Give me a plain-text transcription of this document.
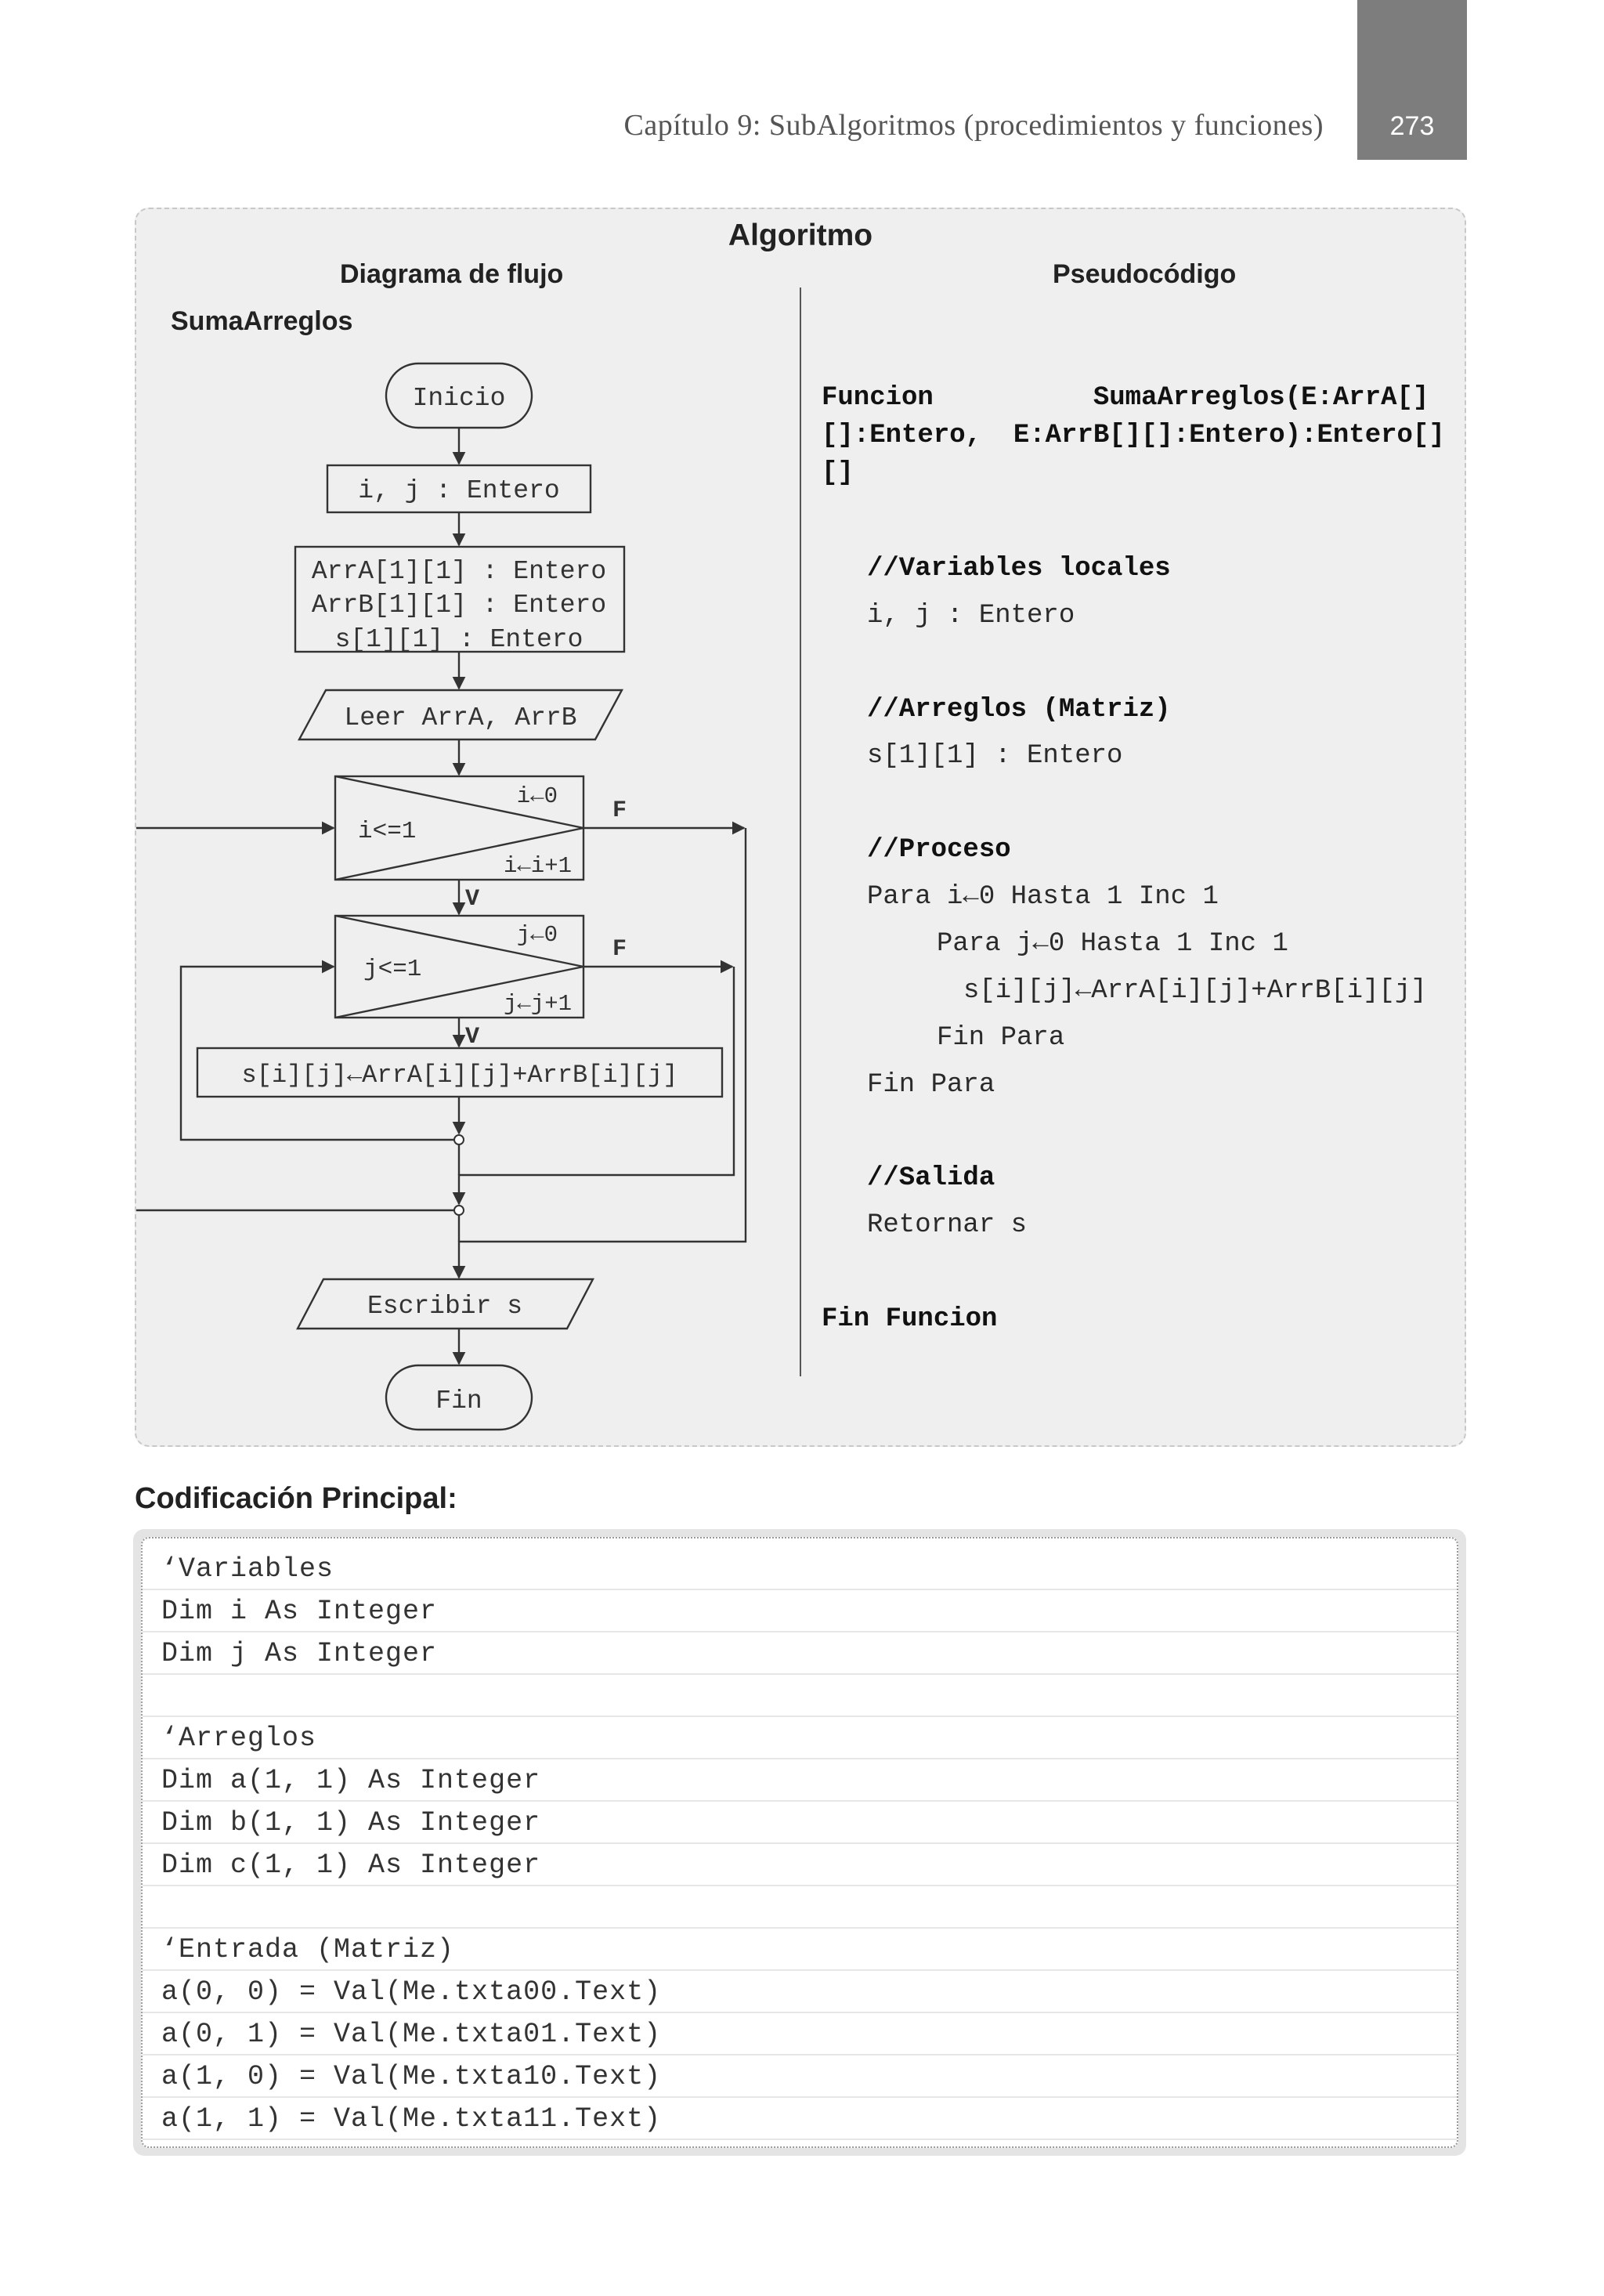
Capítulo 9: SubAlgoritmos (procedimientos y funciones)	273
Algoritmo
Diagrama de flujo	Pseudocódigo
SumaArreglos
Inicio
i, j : Entero
ArrA[1][1] : Entero
ArrB[1][1] : Entero
s[1][1] : Entero
Leer ArrA, ArrB
i←0
i<=1
i←i+1
j←0
j<=1
j←j+1
s[i][j]←ArrA[i][j]+ArrB[i][j]
Escribir s
Fin
F
F
V
V
Funcion          SumaArreglos(E:ArrA[]
[]:Entero,  E:ArrB[][]:Entero):Entero[]
[]
//Variables locales
i, j : Entero
//Arreglos (Matriz)
s[1][1] : Entero
//Proceso
Para i←0 Hasta 1 Inc 1
Para j←0 Hasta 1 Inc 1
s[i][j]←ArrA[i][j]+ArrB[i][j]
Fin Para
Fin Para
//Salida
Retornar s
Fin Funcion
Codificación Principal:
‘Variables
Dim i As Integer
Dim j As Integer
‘Arreglos
Dim a(1, 1) As Integer
Dim b(1, 1) As Integer
Dim c(1, 1) As Integer
‘Entrada (Matriz)
a(0, 0) = Val(Me.txta00.Text)
a(0, 1) = Val(Me.txta01.Text)
a(1, 0) = Val(Me.txta10.Text)
a(1, 1) = Val(Me.txta11.Text)
